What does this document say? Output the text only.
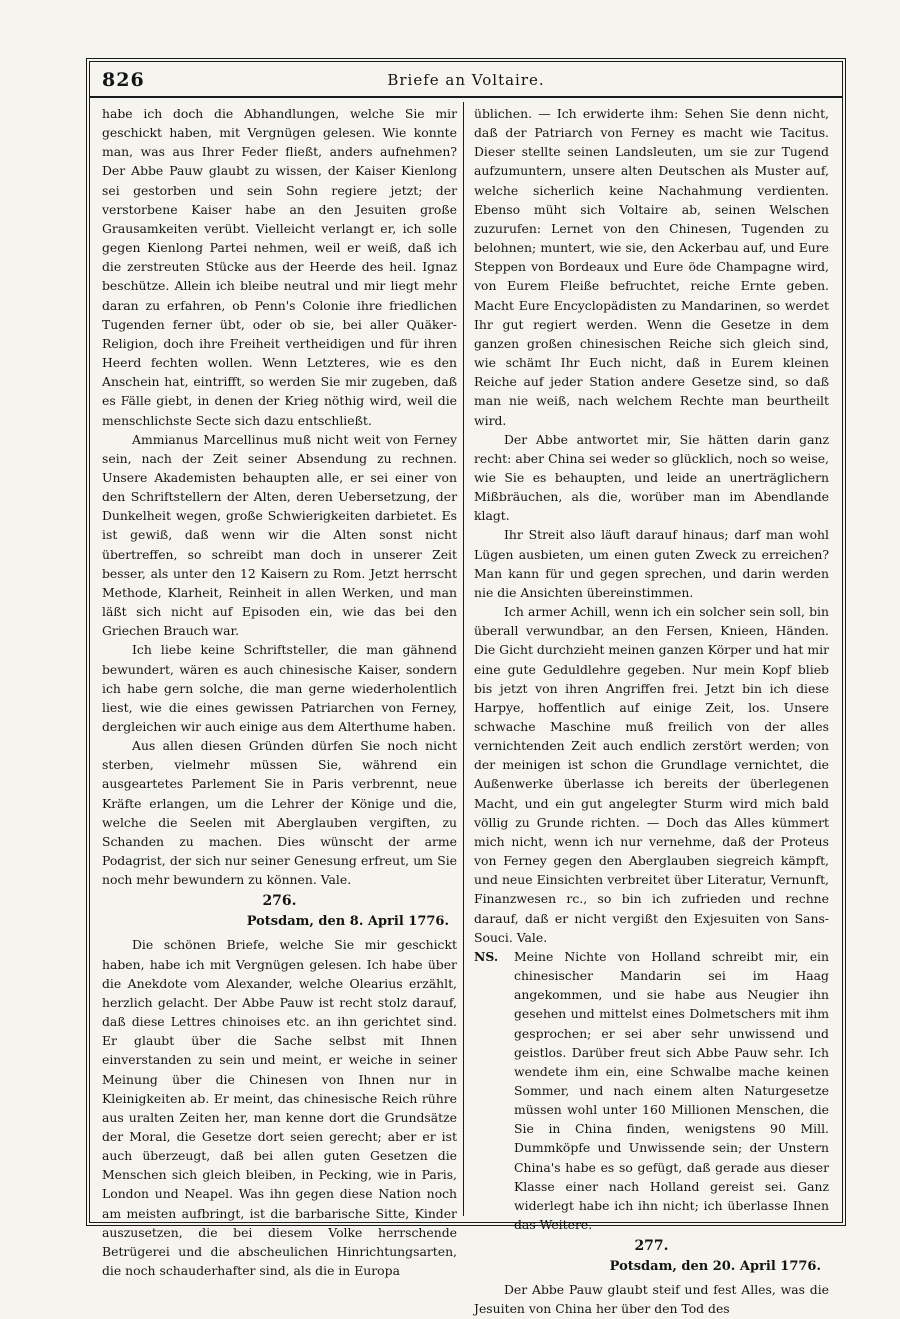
826	Briefe an Voltaire.

habe ich doch die Abhandlungen, welche Sie mir geschickt haben, mit Vergnügen gelesen. Wie konnte man, was aus Ihrer Feder fließt, anders aufnehmen? Der Abbe Pauw glaubt zu wissen, der Kaiser Kienlong sei gestorben und sein Sohn regiere jetzt; der verstorbene Kaiser habe an den Jesuiten große Grausamkeiten verübt. Vielleicht verlangt er, ich solle gegen Kienlong Partei nehmen, weil er weiß, daß ich die zerstreuten Stücke aus der Heerde des heil. Ignaz beschütze. Allein ich bleibe neutral und mir liegt mehr daran zu erfahren, ob Penn's Colonie ihre friedlichen Tugenden ferner übt, oder ob sie, bei aller Quäker-Religion, doch ihre Freiheit vertheidigen und für ihren Heerd fechten wollen. Wenn Letzteres, wie es den Anschein hat, eintrifft, so werden Sie mir zugeben, daß es Fälle giebt, in denen der Krieg nöthig wird, weil die menschlichste Secte sich dazu entschließt.

Ammianus Marcellinus muß nicht weit von Ferney sein, nach der Zeit seiner Absendung zu rechnen. Unsere Akademisten behaupten alle, er sei einer von den Schriftstellern der Alten, deren Uebersetzung, der Dunkelheit wegen, große Schwierigkeiten darbietet. Es ist gewiß, daß wenn wir die Alten sonst nicht übertreffen, so schreibt man doch in unserer Zeit besser, als unter den 12 Kaisern zu Rom. Jetzt herrscht Methode, Klarheit, Reinheit in allen Werken, und man läßt sich nicht auf Episoden ein, wie das bei den Griechen Brauch war.

Ich liebe keine Schriftsteller, die man gähnend bewundert, wären es auch chinesische Kaiser, sondern ich habe gern solche, die man gerne wiederholentlich liest, wie die eines gewissen Patriarchen von Ferney, dergleichen wir auch einige aus dem Alterthume haben.

Aus allen diesen Gründen dürfen Sie noch nicht sterben, vielmehr müssen Sie, während ein ausgeartetes Parlement Sie in Paris verbrennt, neue Kräfte erlangen, um die Lehrer der Könige und die, welche die Seelen mit Aberglauben vergiften, zu Schanden zu machen. Dies wünscht der arme Podagrist, der sich nur seiner Genesung erfreut, um Sie noch mehr bewundern zu können. Vale.

276.
Potsdam, den 8. April 1776.

Die schönen Briefe, welche Sie mir geschickt haben, habe ich mit Vergnügen gelesen. Ich habe über die Anekdote vom Alexander, welche Olearius erzählt, herzlich gelacht. Der Abbe Pauw ist recht stolz darauf, daß diese Lettres chinoises etc. an ihn gerichtet sind. Er glaubt über die Sache selbst mit Ihnen einverstanden zu sein und meint, er weiche in seiner Meinung über die Chinesen von Ihnen nur in Kleinigkeiten ab. Er meint, das chinesische Reich rühre aus uralten Zeiten her, man kenne dort die Grundsätze der Moral, die Gesetze dort seien gerecht; aber er ist auch überzeugt, daß bei allen guten Gesetzen die Menschen sich gleich bleiben, in Pecking, wie in Paris, London und Neapel. Was ihn gegen diese Nation noch am meisten aufbringt, ist die barbarische Sitte, Kinder auszusetzen, die bei diesem Volke herrschende Betrügerei und die abscheulichen Hinrichtungsarten, die noch schauderhafter sind, als die in Europa

üblichen. — Ich erwiderte ihm: Sehen Sie denn nicht, daß der Patriarch von Ferney es macht wie Tacitus. Dieser stellte seinen Landsleuten, um sie zur Tugend aufzumuntern, unsere alten Deutschen als Muster auf, welche sicherlich keine Nachahmung verdienten. Ebenso müht sich Voltaire ab, seinen Welschen zuzurufen: Lernet von den Chinesen, Tugenden zu belohnen; muntert, wie sie, den Ackerbau auf, und Eure Steppen von Bordeaux und Eure öde Champagne wird, von Eurem Fleiße befruchtet, reiche Ernte geben. Macht Eure Encyclopädisten zu Mandarinen, so werdet Ihr gut regiert werden. Wenn die Gesetze in dem ganzen großen chinesischen Reiche sich gleich sind, wie schämt Ihr Euch nicht, daß in Eurem kleinen Reiche auf jeder Station andere Gesetze sind, so daß man nie weiß, nach welchem Rechte man beurtheilt wird.

Der Abbe antwortet mir, Sie hätten darin ganz recht: aber China sei weder so glücklich, noch so weise, wie Sie es behaupten, und leide an unerträglichern Mißbräuchen, als die, worüber man im Abendlande klagt.

Ihr Streit also läuft darauf hinaus; darf man wohl Lügen ausbieten, um einen guten Zweck zu erreichen? Man kann für und gegen sprechen, und darin werden nie die Ansichten übereinstimmen.

Ich armer Achill, wenn ich ein solcher sein soll, bin überall verwundbar, an den Fersen, Knieen, Händen. Die Gicht durchzieht meinen ganzen Körper und hat mir eine gute Geduldlehre gegeben. Nur mein Kopf blieb bis jetzt von ihren Angriffen frei. Jetzt bin ich diese Harpye, hoffentlich auf einige Zeit, los. Unsere schwache Maschine muß freilich von der alles vernichtenden Zeit auch endlich zerstört werden; von der meinigen ist schon die Grundlage vernichtet, die Außenwerke überlasse ich bereits der überlegenen Macht, und ein gut angelegter Sturm wird mich bald völlig zu Grunde richten. — Doch das Alles kümmert mich nicht, wenn ich nur vernehme, daß der Proteus von Ferney gegen den Aberglauben siegreich kämpft, und neue Einsichten verbreitet über Literatur, Vernunft, Finanzwesen rc., so bin ich zufrieden und rechne darauf, daß er nicht vergißt den Exjesuiten von Sans-Souci. Vale.

NS. Meine Nichte von Holland schreibt mir, ein chinesischer Mandarin sei im Haag angekommen, und sie habe aus Neugier ihn gesehen und mittelst eines Dolmetschers mit ihm gesprochen; er sei aber sehr unwissend und geistlos. Darüber freut sich Abbe Pauw sehr. Ich wendete ihm ein, eine Schwalbe mache keinen Sommer, und nach einem alten Naturgesetze müssen wohl unter 160 Millionen Menschen, die Sie in China finden, wenigstens 90 Mill. Dummköpfe und Unwissende sein; der Unstern China's habe es so gefügt, daß gerade aus dieser Klasse einer nach Holland gereist sei. Ganz widerlegt habe ich ihn nicht; ich überlasse Ihnen das Weitere.

277.
Potsdam, den 20. April 1776.

Der Abbe Pauw glaubt steif und fest Alles, was die Jesuiten von China her über den Tod des
